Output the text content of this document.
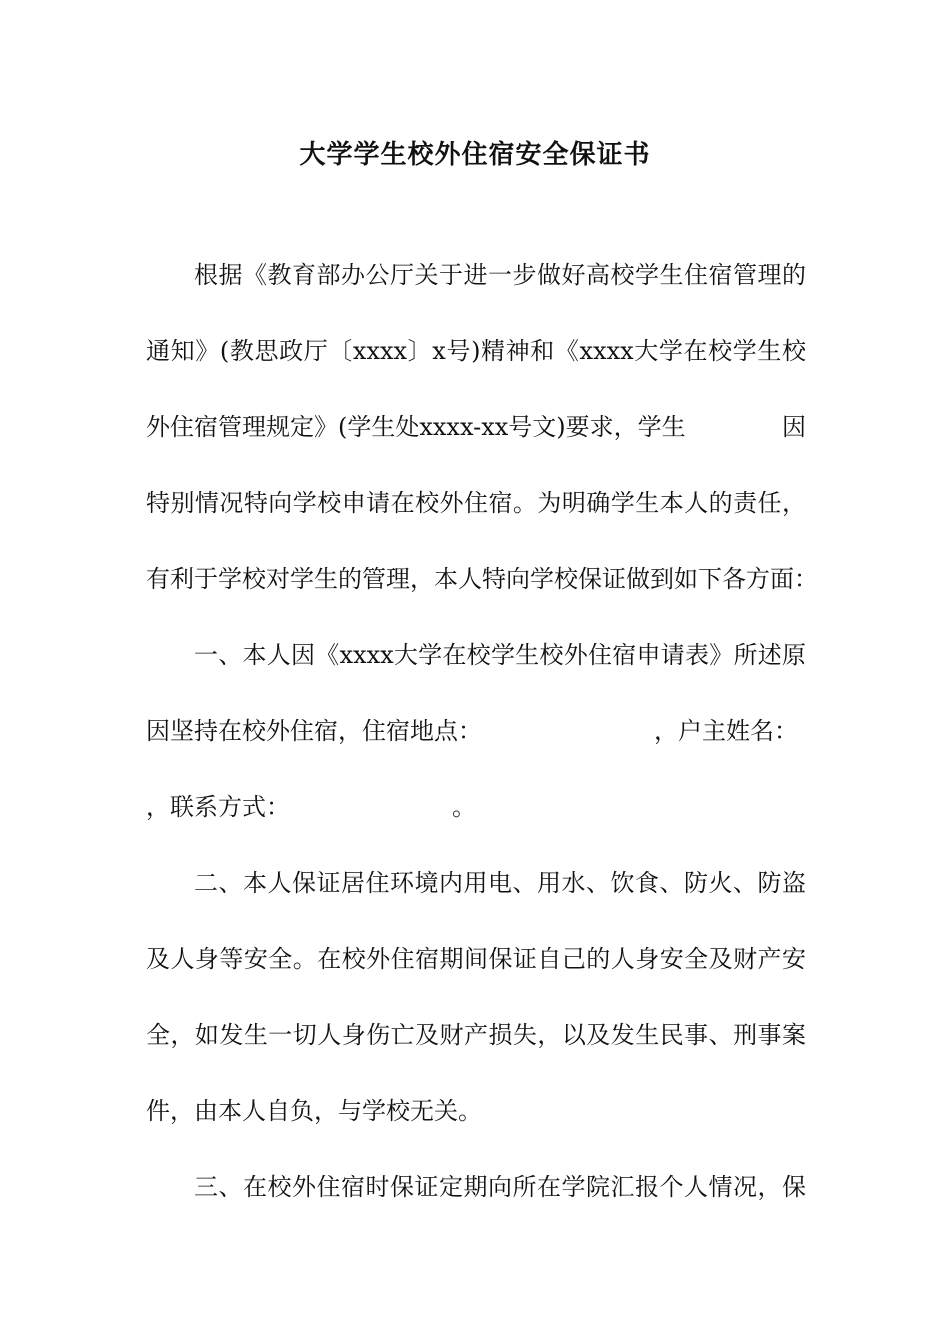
大学学生校外住宿安全保证书
根据《教育部办公厅关于进一步做好高校学生住宿管理的
通知》(教思政厅〔xxxx〕x号)精神和《xxxx大学在校学生校
外住宿管理规定》(学生处xxxx-xx号文)要求，学生	因
特别情况特向学校申请在校外住宿。为明确学生本人的责任，
有利于学校对学生的管理，本人特向学校保证做到如下各方面：
一、本人因《xxxx大学在校学生校外住宿申请表》所述原
因坚持在校外住宿，住宿地点：	，户主姓名：
，联系方式：	。
二、本人保证居住环境内用电、用水、饮食、防火、防盗
及人身等安全。在校外住宿期间保证自己的人身安全及财产安
全，如发生一切人身伤亡及财产损失，以及发生民事、刑事案
件，由本人自负，与学校无关。
三、在校外住宿时保证定期向所在学院汇报个人情况，保
